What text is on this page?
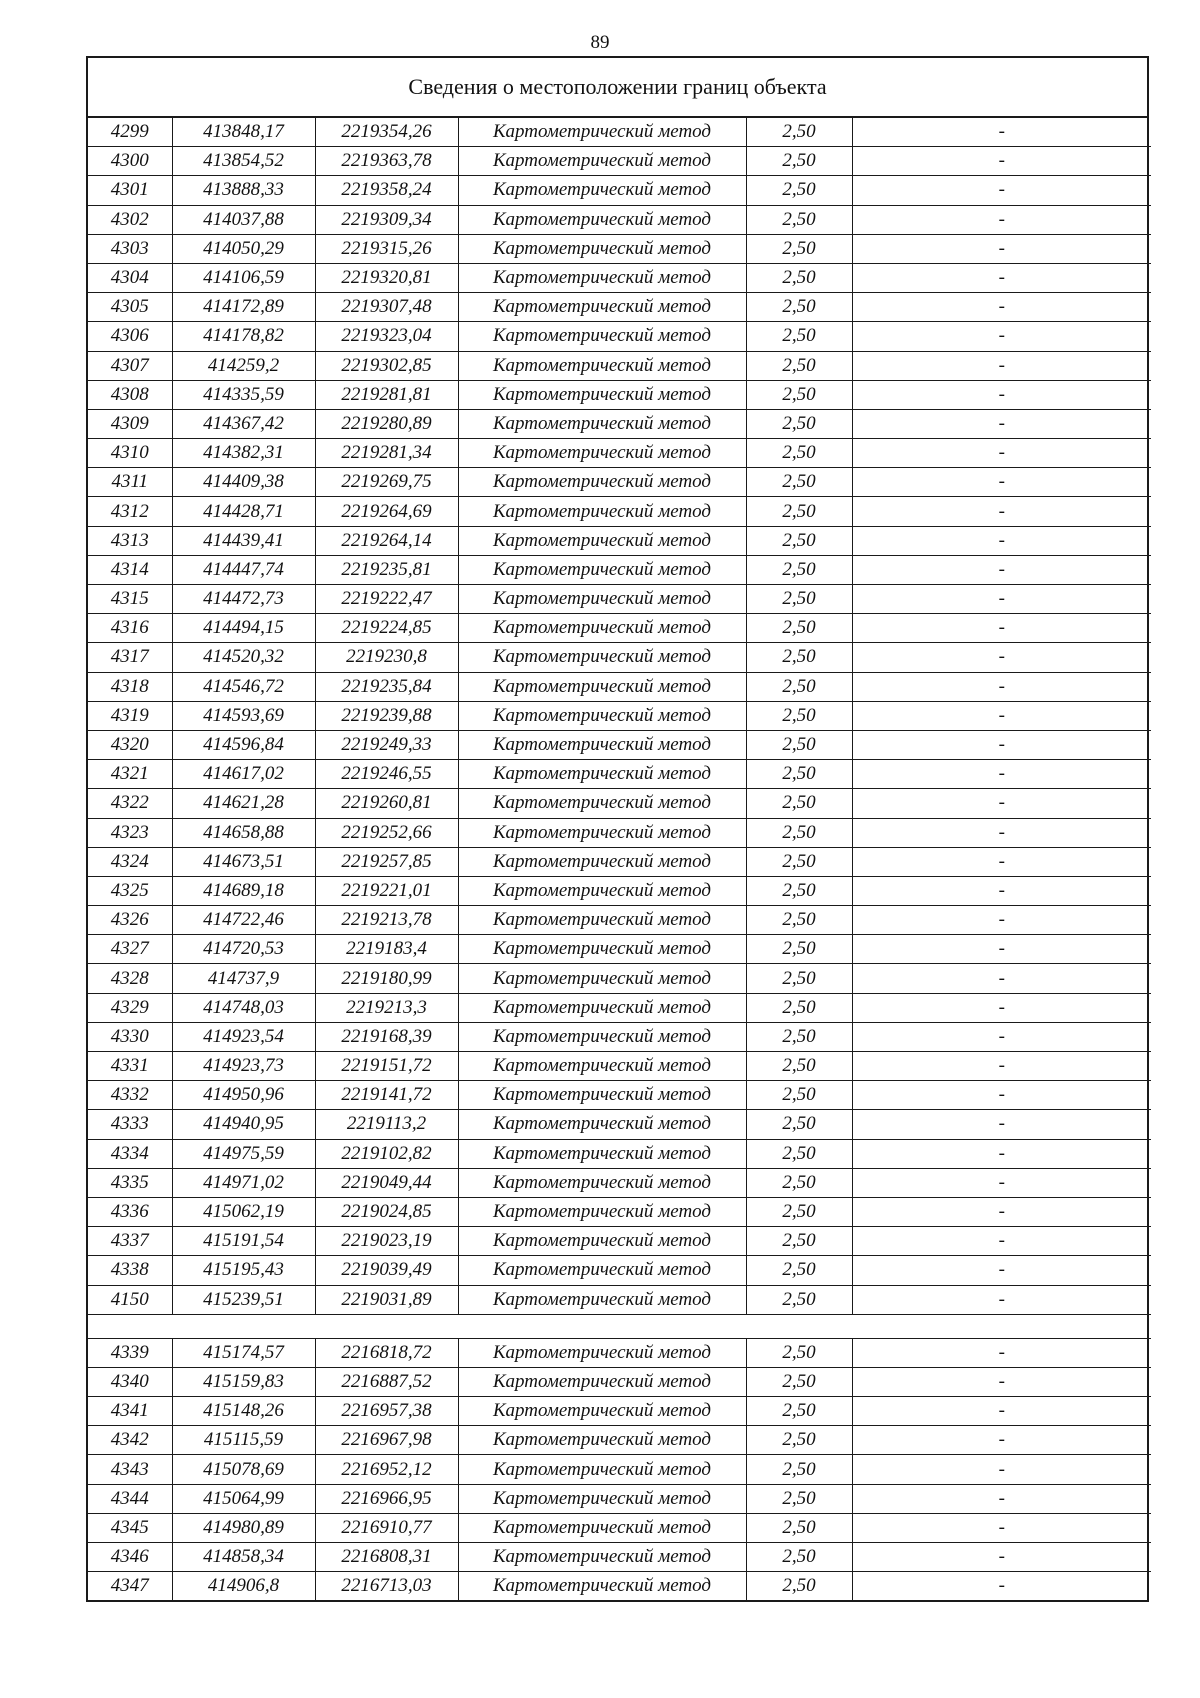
89
Сведения о местоположении границ объекта
4299	413848,17	2219354,26	Картометрический метод	2,50	-
4300	413854,52	2219363,78	Картометрический метод	2,50	-
4301	413888,33	2219358,24	Картометрический метод	2,50	-
4302	414037,88	2219309,34	Картометрический метод	2,50	-
4303	414050,29	2219315,26	Картометрический метод	2,50	-
4304	414106,59	2219320,81	Картометрический метод	2,50	-
4305	414172,89	2219307,48	Картометрический метод	2,50	-
4306	414178,82	2219323,04	Картометрический метод	2,50	-
4307	414259,2	2219302,85	Картометрический метод	2,50	-
4308	414335,59	2219281,81	Картометрический метод	2,50	-
4309	414367,42	2219280,89	Картометрический метод	2,50	-
4310	414382,31	2219281,34	Картометрический метод	2,50	-
4311	414409,38	2219269,75	Картометрический метод	2,50	-
4312	414428,71	2219264,69	Картометрический метод	2,50	-
4313	414439,41	2219264,14	Картометрический метод	2,50	-
4314	414447,74	2219235,81	Картометрический метод	2,50	-
4315	414472,73	2219222,47	Картометрический метод	2,50	-
4316	414494,15	2219224,85	Картометрический метод	2,50	-
4317	414520,32	2219230,8	Картометрический метод	2,50	-
4318	414546,72	2219235,84	Картометрический метод	2,50	-
4319	414593,69	2219239,88	Картометрический метод	2,50	-
4320	414596,84	2219249,33	Картометрический метод	2,50	-
4321	414617,02	2219246,55	Картометрический метод	2,50	-
4322	414621,28	2219260,81	Картометрический метод	2,50	-
4323	414658,88	2219252,66	Картометрический метод	2,50	-
4324	414673,51	2219257,85	Картометрический метод	2,50	-
4325	414689,18	2219221,01	Картометрический метод	2,50	-
4326	414722,46	2219213,78	Картометрический метод	2,50	-
4327	414720,53	2219183,4	Картометрический метод	2,50	-
4328	414737,9	2219180,99	Картометрический метод	2,50	-
4329	414748,03	2219213,3	Картометрический метод	2,50	-
4330	414923,54	2219168,39	Картометрический метод	2,50	-
4331	414923,73	2219151,72	Картометрический метод	2,50	-
4332	414950,96	2219141,72	Картометрический метод	2,50	-
4333	414940,95	2219113,2	Картометрический метод	2,50	-
4334	414975,59	2219102,82	Картометрический метод	2,50	-
4335	414971,02	2219049,44	Картометрический метод	2,50	-
4336	415062,19	2219024,85	Картометрический метод	2,50	-
4337	415191,54	2219023,19	Картометрический метод	2,50	-
4338	415195,43	2219039,49	Картометрический метод	2,50	-
4150	415239,51	2219031,89	Картометрический метод	2,50	-

4339	415174,57	2216818,72	Картометрический метод	2,50	-
4340	415159,83	2216887,52	Картометрический метод	2,50	-
4341	415148,26	2216957,38	Картометрический метод	2,50	-
4342	415115,59	2216967,98	Картометрический метод	2,50	-
4343	415078,69	2216952,12	Картометрический метод	2,50	-
4344	415064,99	2216966,95	Картометрический метод	2,50	-
4345	414980,89	2216910,77	Картометрический метод	2,50	-
4346	414858,34	2216808,31	Картометрический метод	2,50	-
4347	414906,8	2216713,03	Картометрический метод	2,50	-
